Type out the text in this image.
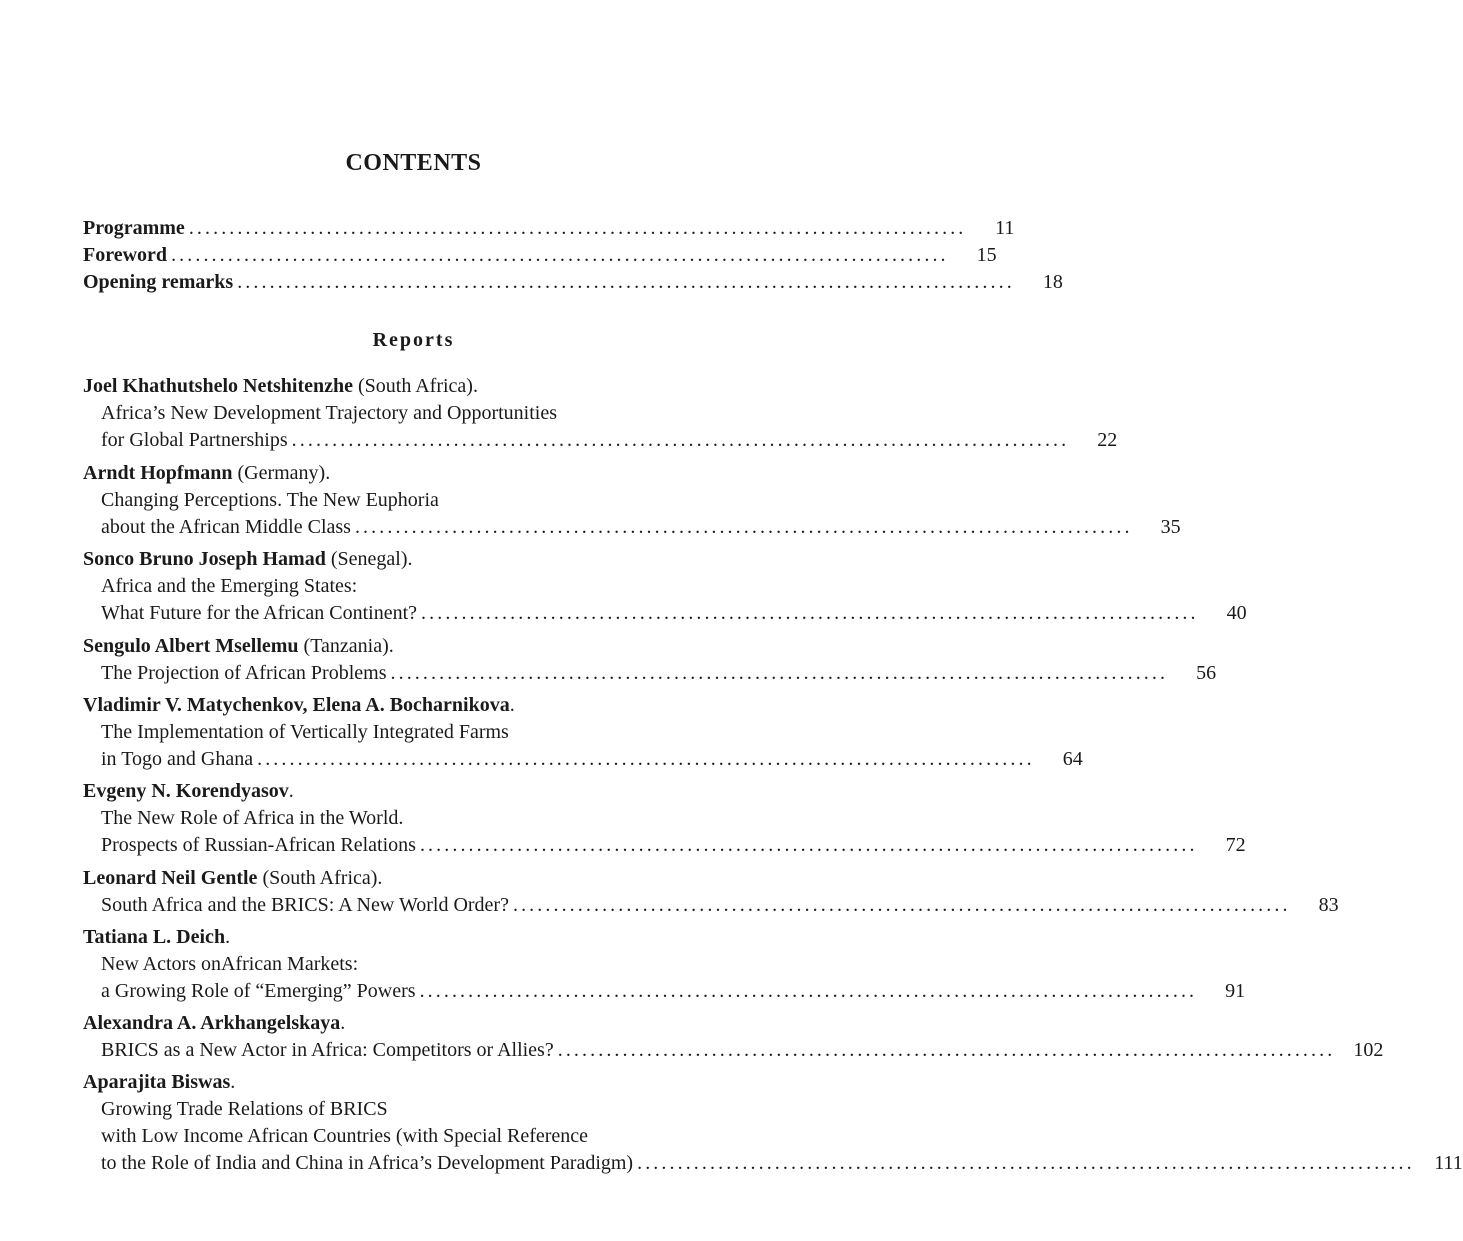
CONTENTS
Programme ................................................................................................	11
Foreword ................................................................................................	15
Opening remarks ................................................................................................	18
Reports
Joel Khathutshelo Netshitenzhe (South Africa).
Africa’s New Development Trajectory and Opportunities
for Global Partnerships ................................................................................................	22
Arndt Hopfmann (Germany).
Changing Perceptions. The New Euphoria
about the African Middle Class ................................................................................................	35
Sonco Bruno Joseph Hamad (Senegal).
Africa and the Emerging States:
What Future for the African Continent? ................................................................................................	40
Sengulo Albert Msellemu (Tanzania).
The Projection of African Problems ................................................................................................	56
Vladimir V. Matychenkov, Elena A. Bocharnikova.
The Implementation of Vertically Integrated Farms
in Togo and Ghana ................................................................................................	64
Evgeny N. Korendyasov.
The New Role of Africa in the World.
Prospects of Russian-African Relations ................................................................................................	72
Leonard Neil Gentle (South Africa).
South Africa and the BRICS: A New World Order? ................................................................................................	83
Tatiana L. Deich.
New Actors onAfrican Markets:
a Growing Role of “Emerging” Powers ................................................................................................	91
Alexandra A. Arkhangelskaya.
BRICS as a New Actor in Africa: Competitors or Allies? ................................................................................................ 102
Aparajita Biswas.
Growing Trade Relations of BRICS
with Low Income African Countries (with Special Reference
to the Role of India and China in Africa’s Development Paradigm) ................................................................................................ 111
